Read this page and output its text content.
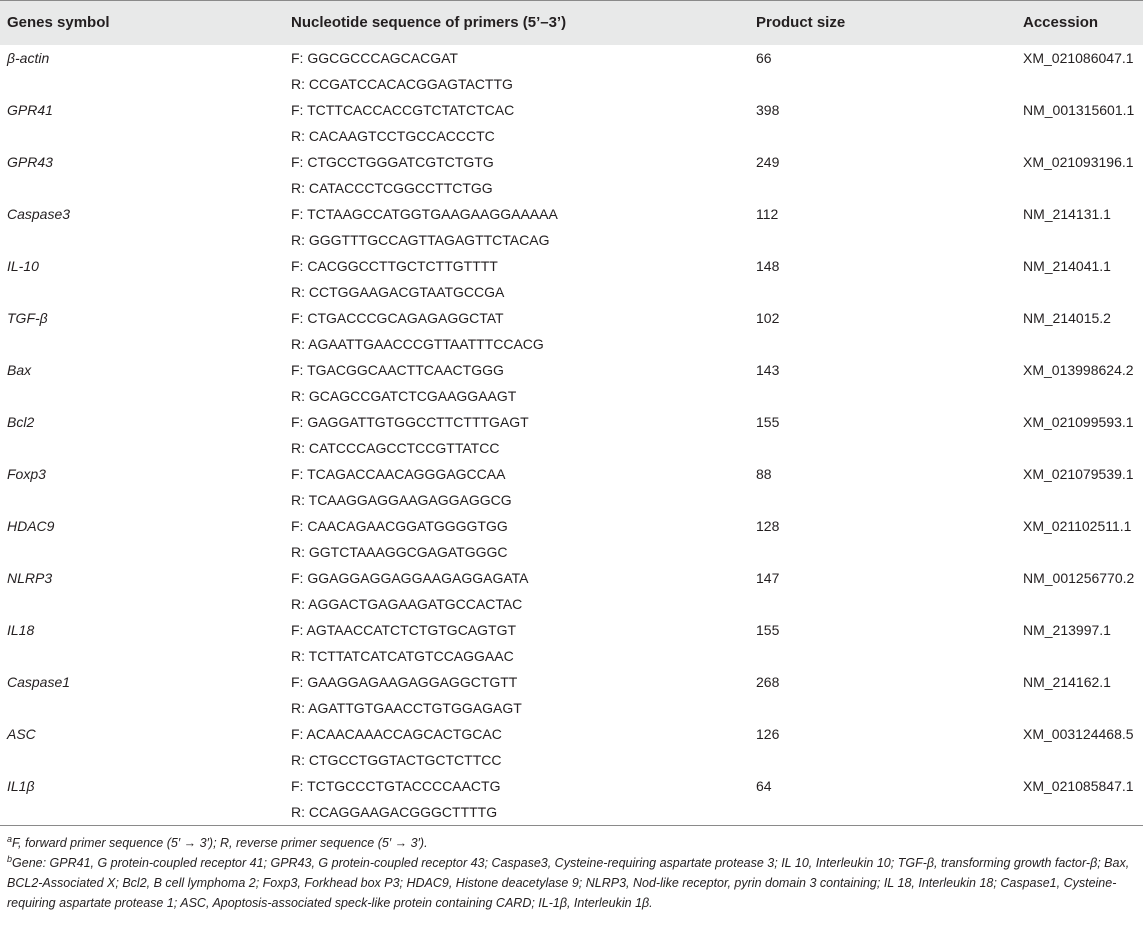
Genes symbol	Nucleotide sequence of primers (5’–3’)	Product size	Accession
β-actin	F: GGCGCCCAGCACGAT	66	XM_021086047.1
	R: CCGATCCACACGGAGTACTTG		
GPR41	F: TCTTCACCACCGTCTATCTCAC	398	NM_001315601.1
	R: CACAAGTCCTGCCACCCTC		
GPR43	F: CTGCCTGGGATCGTCTGTG	249	XM_021093196.1
	R: CATACCCTCGGCCTTCTGG		
Caspase3	F: TCTAAGCCATGGTGAAGAAGGAAAAA	112	NM_214131.1
	R: GGGTTTGCCAGTTAGAGTTCTACAG		
IL-10	F: CACGGCCTTGCTCTTGTTTT	148	NM_214041.1
	R: CCTGGAAGACGTAATGCCGA		
TGF-β	F: CTGACCCGCAGAGAGGCTAT	102	NM_214015.2
	R: AGAATTGAACCCGTTAATTTCCACG		
Bax	F: TGACGGCAACTTCAACTGGG	143	XM_013998624.2
	R: GCAGCCGATCTCGAAGGAAGT		
Bcl2	F: GAGGATTGTGGCCTTCTTTGAGT	155	XM_021099593.1
	R: CATCCCAGCCTCCGTTATCC		
Foxp3	F: TCAGACCAACAGGGAGCCAA	88	XM_021079539.1
	R: TCAAGGAGGAAGAGGAGGCG		
HDAC9	F: CAACAGAACGGATGGGGTGG	128	XM_021102511.1
	R: GGTCTAAAGGCGAGATGGGC		
NLRP3	F: GGAGGAGGAGGAAGAGGAGATA	147	NM_001256770.2
	R: AGGACTGAGAAGATGCCACTAC		
IL18	F: AGTAACCATCTCTGTGCAGTGT	155	NM_213997.1
	R: TCTTATCATCATGTCCAGGAAC		
Caspase1	F: GAAGGAGAAGAGGAGGCTGTT	268	NM_214162.1
	R: AGATTGTGAACCTGTGGAGAGT		
ASC	F: ACAACAAACCAGCACTGCAC	126	XM_003124468.5
	R: CTGCCTGGTACTGCTCTTCC		
IL1β	F: TCTGCCCTGTACCCCAACTG	64	XM_021085847.1
	R: CCAGGAAGACGGGCTTTTG		

$^a$F, forward primer sequence (5′ → 3′); R, reverse primer sequence (5′ → 3′).

$^b$Gene: GPR41, G protein-coupled receptor 41; GPR43, G protein-coupled receptor 43; Caspase3, Cysteine-requiring aspartate protease 3; IL 10, Interleukin 10; TGF-β, transforming growth factor-β; Bax, BCL2-Associated X; Bcl2, B cell lymphoma 2; Foxp3, Forkhead box P3; HDAC9, Histone deacetylase 9; NLRP3, Nod-like receptor, pyrin domain 3 containing; IL 18, Interleukin 18; Caspase1, Cysteine-requiring aspartate protease 1; ASC, Apoptosis-associated speck-like protein containing CARD; IL-1β, Interleukin 1β.
